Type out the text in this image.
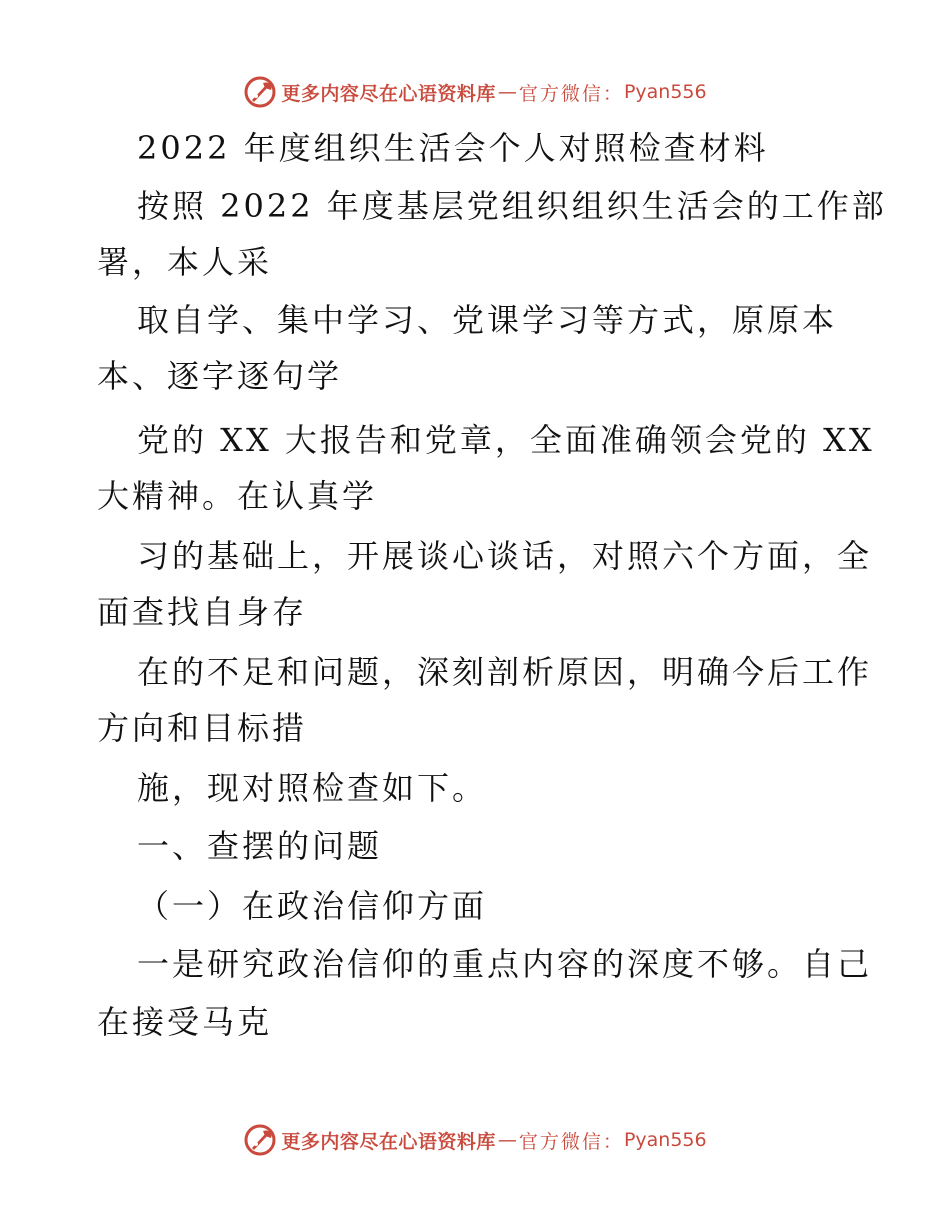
更多内容尽在心语资料库 — 官方微信： Pyan556
2022 年度组织生活会个人对照检查材料
按照 2022 年度基层党组织组织生活会的工作部
署，本人采
取自学、集中学习、党课学习等方式，原原本
本、逐字逐句学
党的 XX 大报告和党章，全面准确领会党的 XX
大精神。在认真学
习的基础上，开展谈心谈话，对照六个方面，全
面查找自身存
在的不足和问题，深刻剖析原因，明确今后工作
方向和目标措
施，现对照检查如下。
一、查摆的问题
（一）在政治信仰方面
一是研究政治信仰的重点内容的深度不够。自己
在接受马克
更多内容尽在心语资料库 — 官方微信： Pyan556
